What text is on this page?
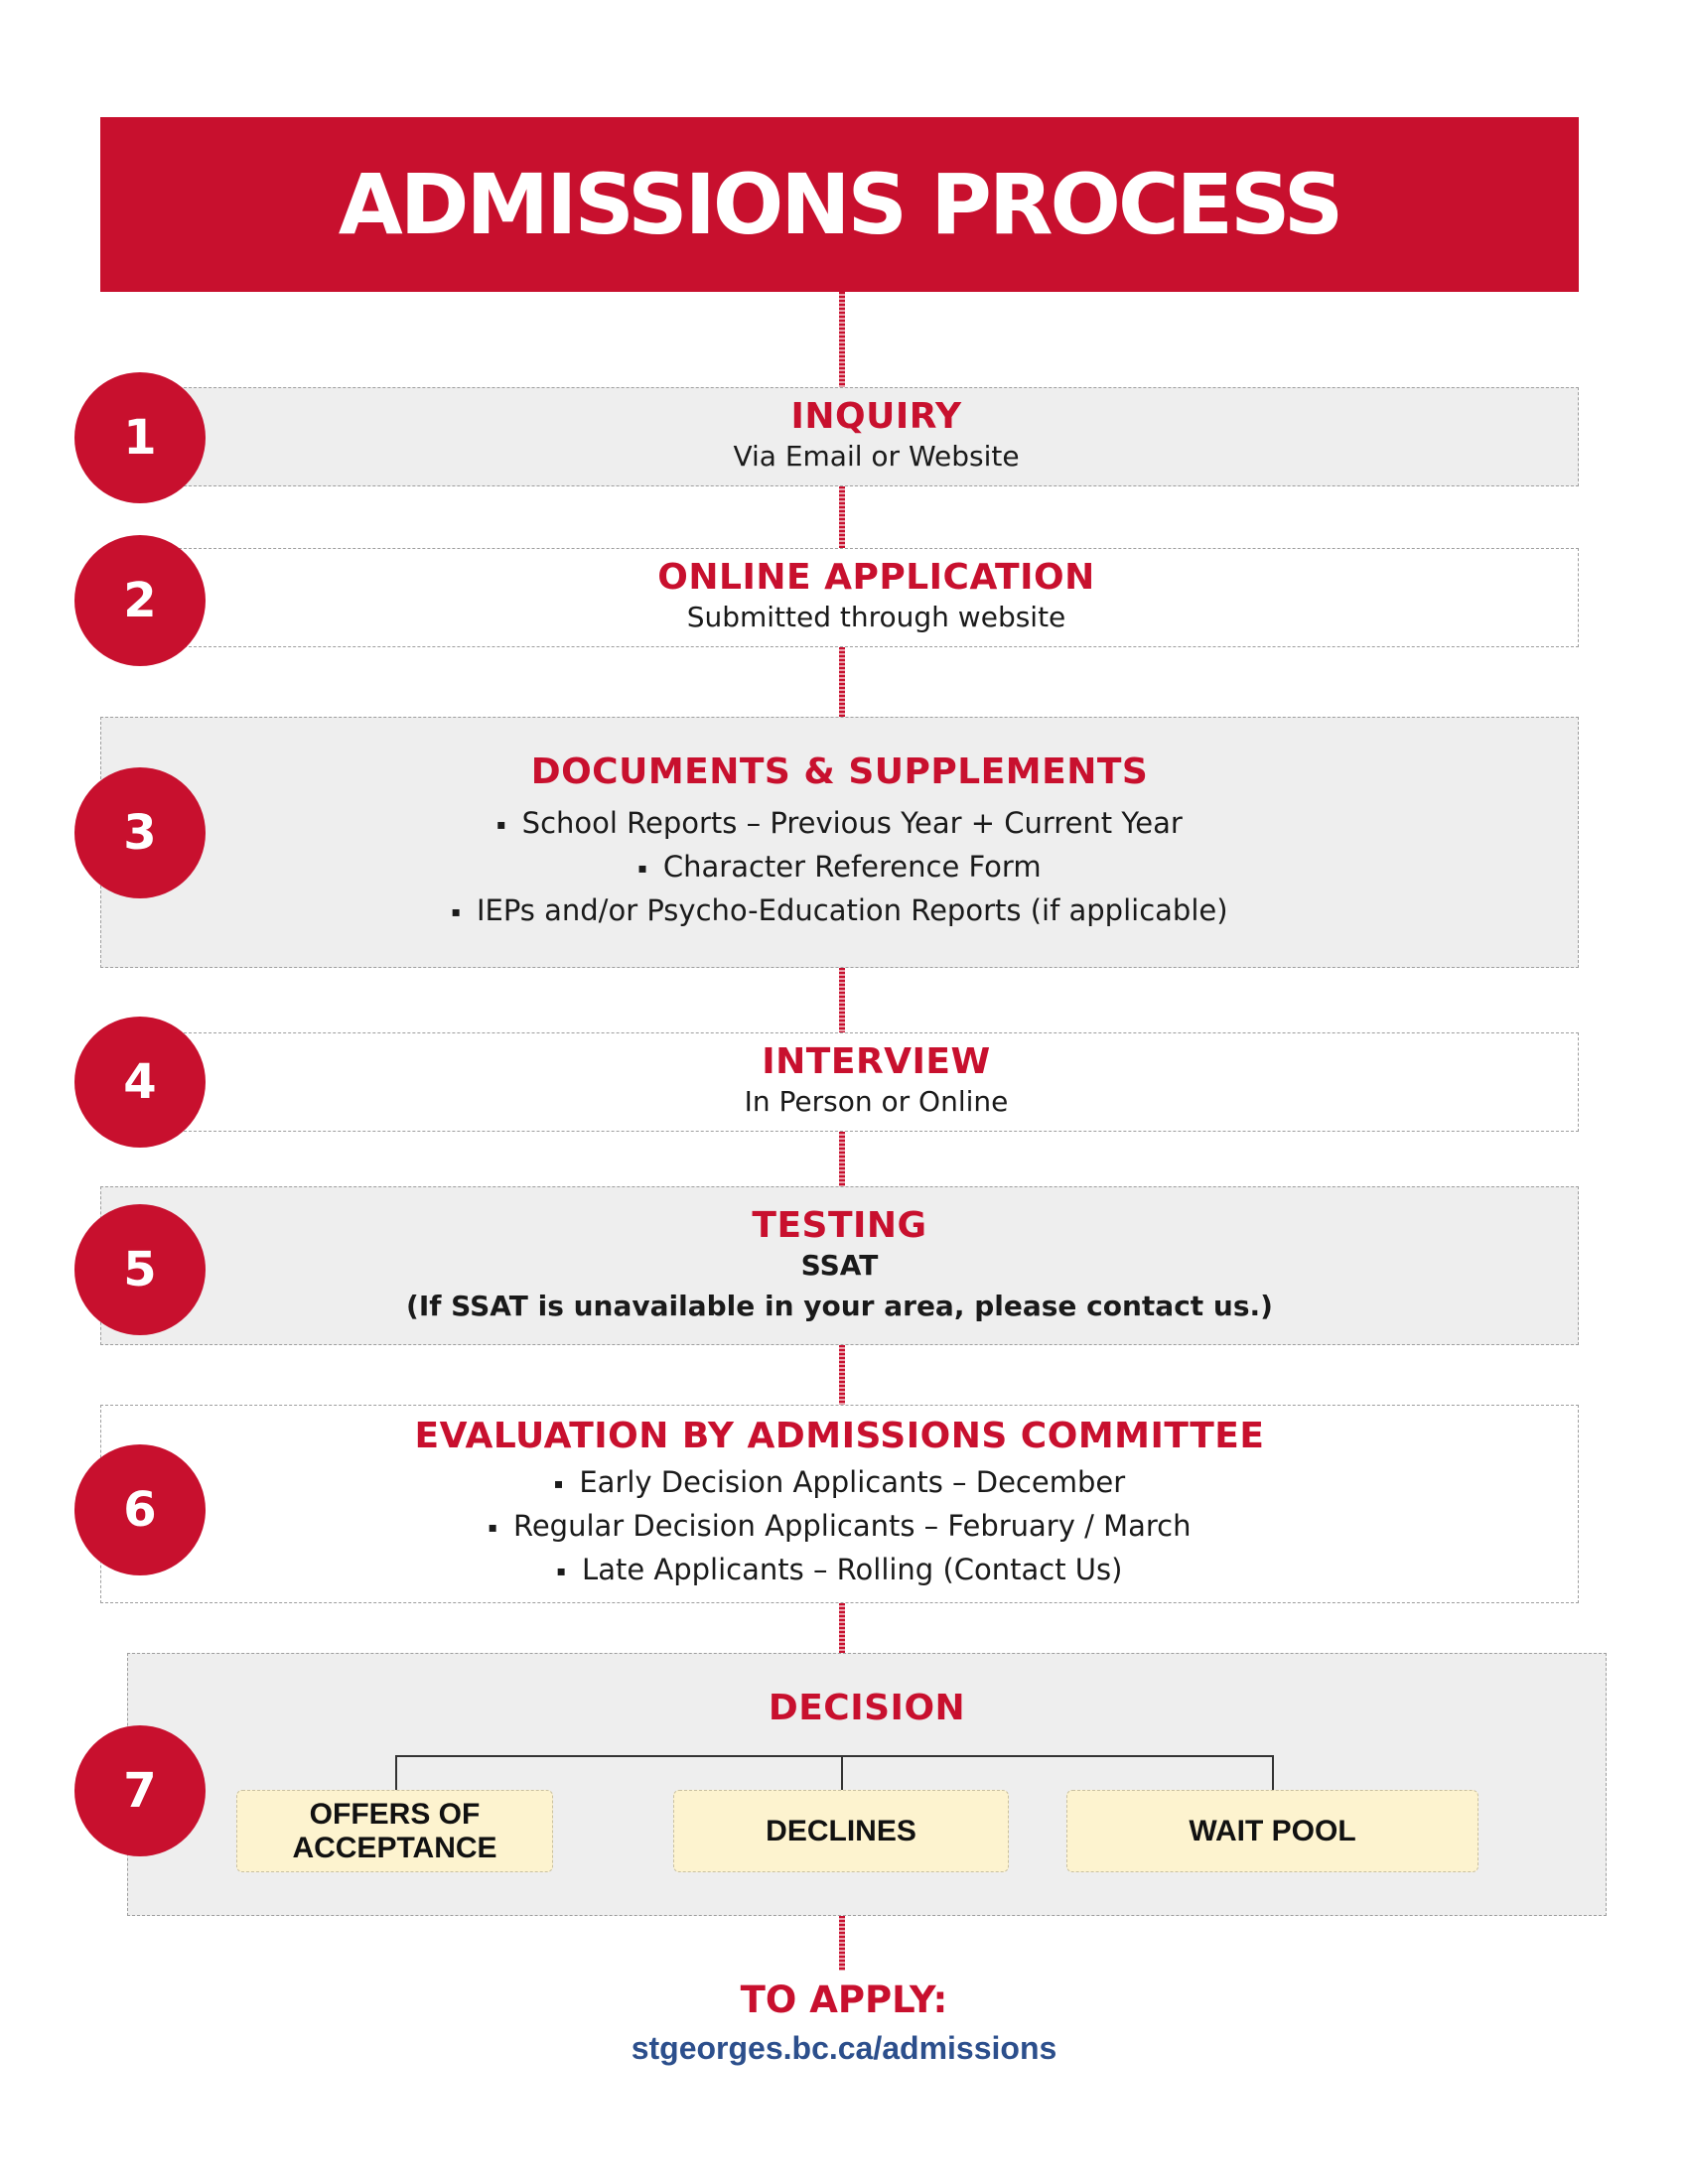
ADMISSIONS PROCESS
INQUIRY
Via Email or Website
1
ONLINE APPLICATION
Submitted through website
2
DOCUMENTS & SUPPLEMENTS
▪ School Reports – Previous Year + Current Year
▪ Character Reference Form
▪ IEPs and/or Psycho-Education Reports (if applicable)
3
INTERVIEW
In Person or Online
4
TESTING
SSAT
(If SSAT is unavailable in your area, please contact us.)
5
EVALUATION BY ADMISSIONS COMMITTEE
▪ Early Decision Applicants – December
▪ Regular Decision Applicants – February / March
▪ Late Applicants – Rolling (Contact Us)
6
DECISION
OFFERS OF ACCEPTANCE
DECLINES	WAIT POOL
7
TO APPLY:
stgeorges.bc.ca/admissions
